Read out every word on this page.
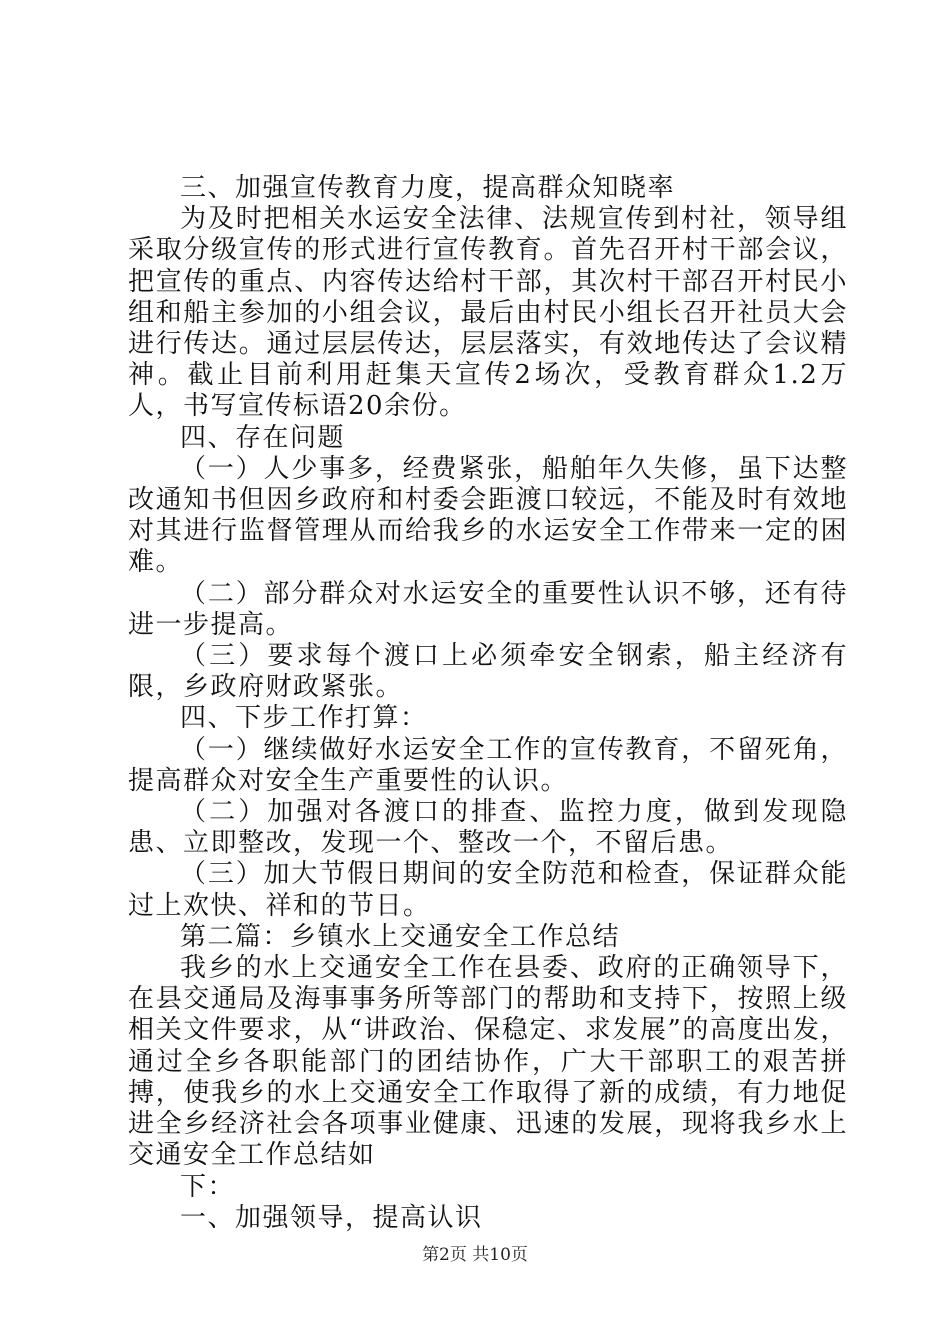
三、加强宣传教育力度，提高群众知晓率

为及时把相关水运安全法律、法规宣传到村社，领导组采取分级宣传的形式进行宣传教育。首先召开村干部会议，把宣传的重点、内容传达给村干部，其次村干部召开村民小组和船主参加的小组会议，最后由村民小组长召开社员大会进行传达。通过层层传达，层层落实，有效地传达了会议精神。截止目前利用赶集天宣传2场次，受教育群众1.2万人，书写宣传标语20余份。

四、存在问题

（一）人少事多，经费紧张，船舶年久失修，虽下达整改通知书但因乡政府和村委会距渡口较远，不能及时有效地对其进行监督管理从而给我乡的水运安全工作带来一定的困难。

（二）部分群众对水运安全的重要性认识不够，还有待进一步提高。

（三）要求每个渡口上必须牵安全钢索，船主经济有限，乡政府财政紧张。

四、下步工作打算：

（一）继续做好水运安全工作的宣传教育，不留死角，提高群众对安全生产重要性的认识。

（二）加强对各渡口的排查、监控力度，做到发现隐患、立即整改，发现一个、整改一个，不留后患。

（三）加大节假日期间的安全防范和检查，保证群众能过上欢快、祥和的节日。

第二篇：乡镇水上交通安全工作总结

我乡的水上交通安全工作在县委、政府的正确领导下，在县交通局及海事事务所等部门的帮助和支持下，按照上级相关文件要求，从“讲政治、保稳定、求发展”的高度出发，通过全乡各职能部门的团结协作，广大干部职工的艰苦拼搏，使我乡的水上交通安全工作取得了新的成绩，有力地促进全乡经济社会各项事业健康、迅速的发展，现将我乡水上交通安全工作总结如

下：

一、加强领导，提高认识

第2页 共10页
